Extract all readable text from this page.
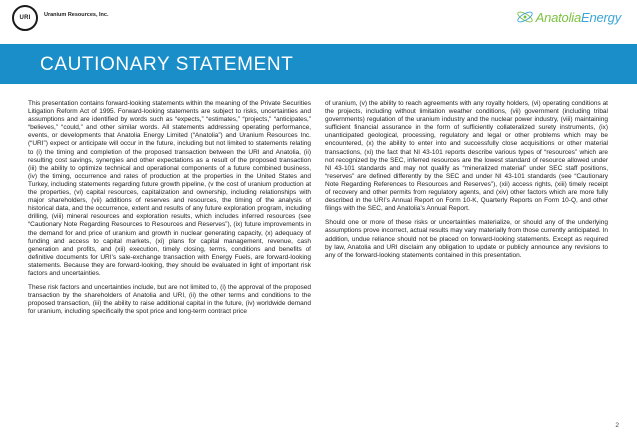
URI Uranium Resources, Inc.	AnatoliaEnergy
CAUTIONARY STATEMENT

This presentation contains forward-looking statements within the meaning of the Private Securities Litigation Reform Act of 1995. Forward-looking statements are subject to risks, uncertainties and assumptions and are identified by words such as “expects,” “estimates,” “projects,” “anticipates,” “believes,” “could,” and other similar words. All statements addressing operating performance, events, or developments that Anatolia Energy Limited (“Anatolia”) and Uranium Resources Inc. (“URI”) expect or anticipate will occur in the future, including but not limited to statements relating to (i) the timing and completion of the proposed transaction between the URI and Anatolia, (ii) resulting cost savings, synergies and other expectations as a result of the proposed transaction (iii) the ability to optimize technical and operational components of a future combined business, (iv) the timing, occurrence and rates of production at the properties in the United States and Turkey, including statements regarding future growth pipeline, (v the cost of uranium production at the properties, (vi) capital resources, capitalization and ownership, including relationships with major shareholders, (vii) additions of reserves and resources, the timing of the analysis of historical data, and the occurrence, extent and results of any future exploration program, including drilling, (viii) mineral resources and exploration results, which includes inferred resources (see “Cautionary Note Regarding Resources to Resources and Reserves”), (ix) future improvements in the demand for and price of uranium and growth in nuclear generating capacity, (x) adequacy of funding and access to capital markets, (xi) plans for capital management, revenue, cash generation and profits, and (xii) execution, timely closing, terms, conditions and benefits of definitive documents for URI’s sale-exchange transaction with Energy Fuels, are forward-looking statements. Because they are forward-looking, they should be evaluated in light of important risk factors and uncertainties.

These risk factors and uncertainties include, but are not limited to, (i) the approval of the proposed transaction by the shareholders of Anatolia and URI, (ii) the other terms and conditions to the proposed transaction, (iii) the ability to raise additional capital in the future, (iv) worldwide demand for uranium, including specifically the spot price and long-term contract price

of uranium, (v) the ability to reach agreements with any royalty holders, (vi) operating conditions at the projects, including without limitation weather conditions, (vii) government (including tribal governments) regulation of the uranium industry and the nuclear power industry, (viii) maintaining sufficient financial assurance in the form of sufficiently collateralized surety instruments, (ix) unanticipated geological, processing, regulatory and legal or other problems which may be encountered, (x) the ability to enter into and successfully close acquisitions or other material transactions, (xi) the fact that NI 43-101 reports describe various types of “resources” which are not recognized by the SEC, inferred resources are the lowest standard of resource allowed under NI 43-101 standards and may not qualify as “mineralized material” under SEC staff positions, “reserves” are defined differently by the SEC and under NI 43-101 standards (see “Cautionary Note Regarding References to Resources and Reserves”), (xii) access rights, (xiii) timely receipt of recovery and other permits from regulatory agents, and (xiv) other factors which are more fully described in the URI’s Annual Report on Form 10-K, Quarterly Reports on Form 10-Q, and other filings with the SEC, and Anatolia’s Annual Report.

Should one or more of these risks or uncertainties materialize, or should any of the underlying assumptions prove incorrect, actual results may vary materially from those currently anticipated. In addition, undue reliance should not be placed on forward-looking statements. Except as required by law, Anatolia and URI disclaim any obligation to update or publicly announce any revisions to any of the forward-looking statements contained in this presentation.

2
